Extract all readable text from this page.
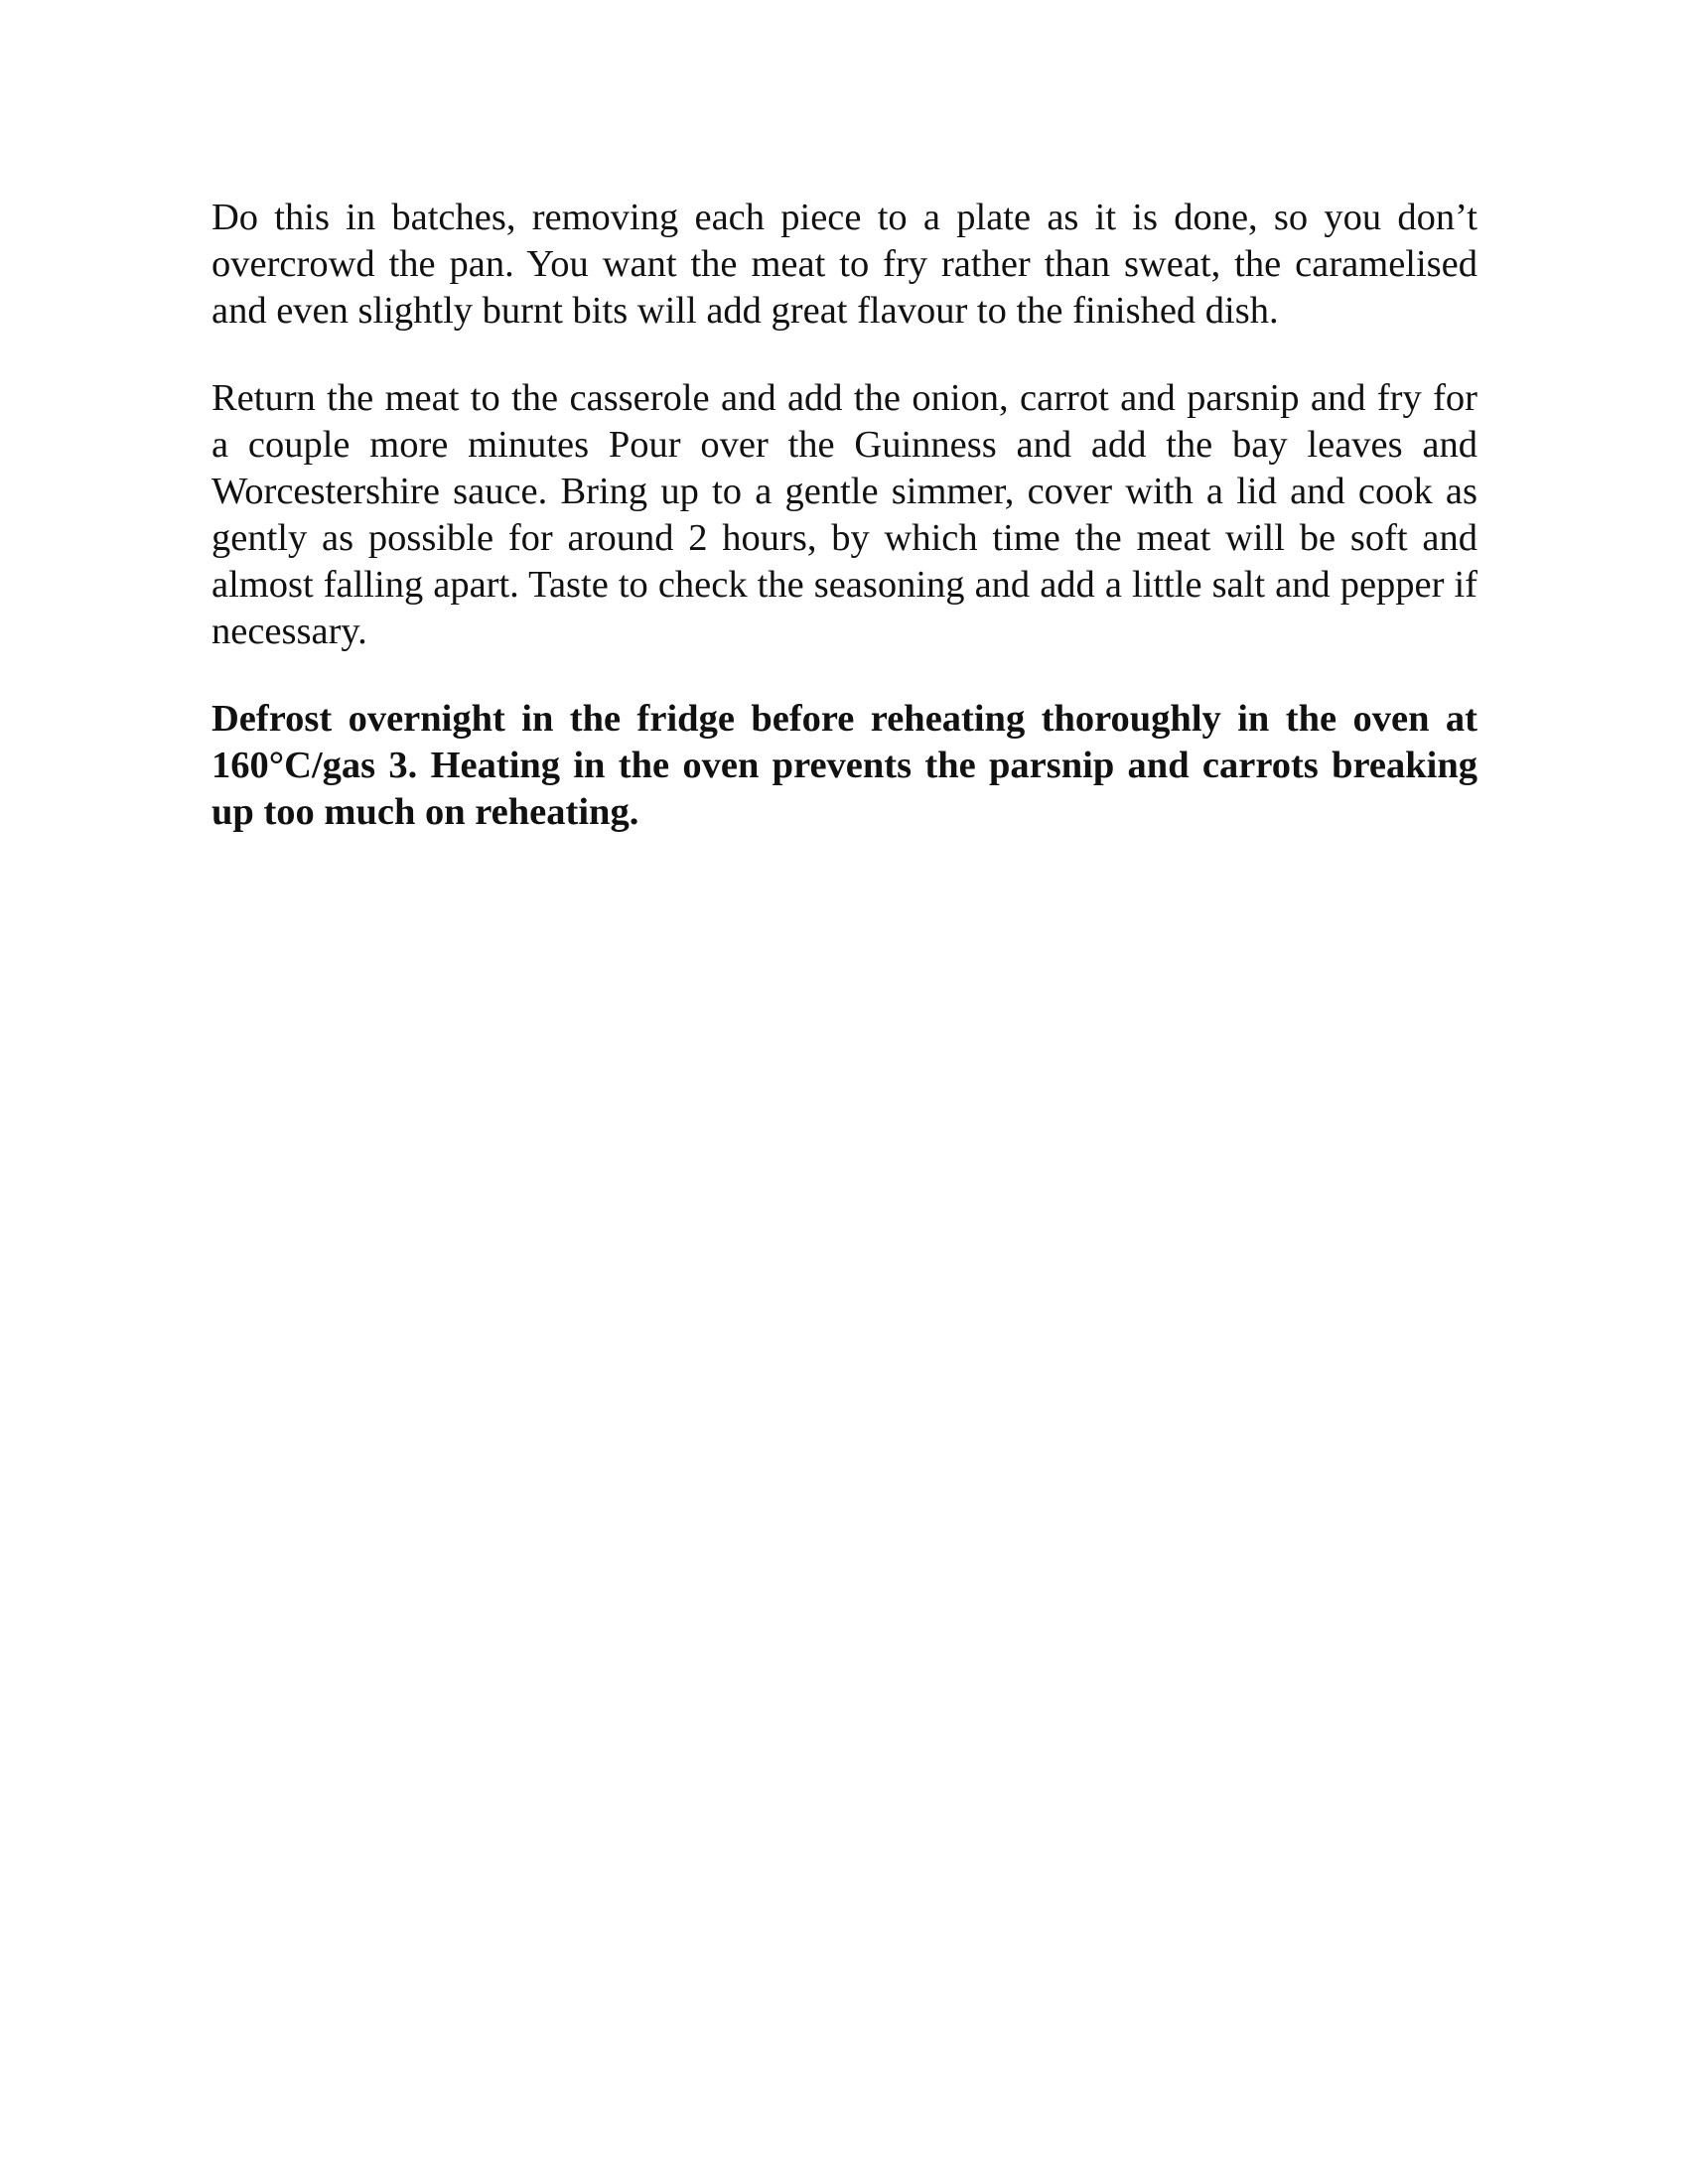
Do this in batches, removing each piece to a plate as it is done, so you don’t overcrowd the pan. You want the meat to fry rather than sweat, the caramelised and even slightly burnt bits will add great flavour to the finished dish.

Return the meat to the casserole and add the onion, carrot and parsnip and fry for a couple more minutes Pour over the Guinness and add the bay leaves and Worcestershire sauce. Bring up to a gentle simmer, cover with a lid and cook as gently as possible for around 2 hours, by which time the meat will be soft and almost falling apart. Taste to check the seasoning and add a little salt and pepper if necessary.

Defrost overnight in the fridge before reheating thoroughly in the oven at 160°C/gas 3. Heating in the oven prevents the parsnip and carrots breaking up too much on reheating.
